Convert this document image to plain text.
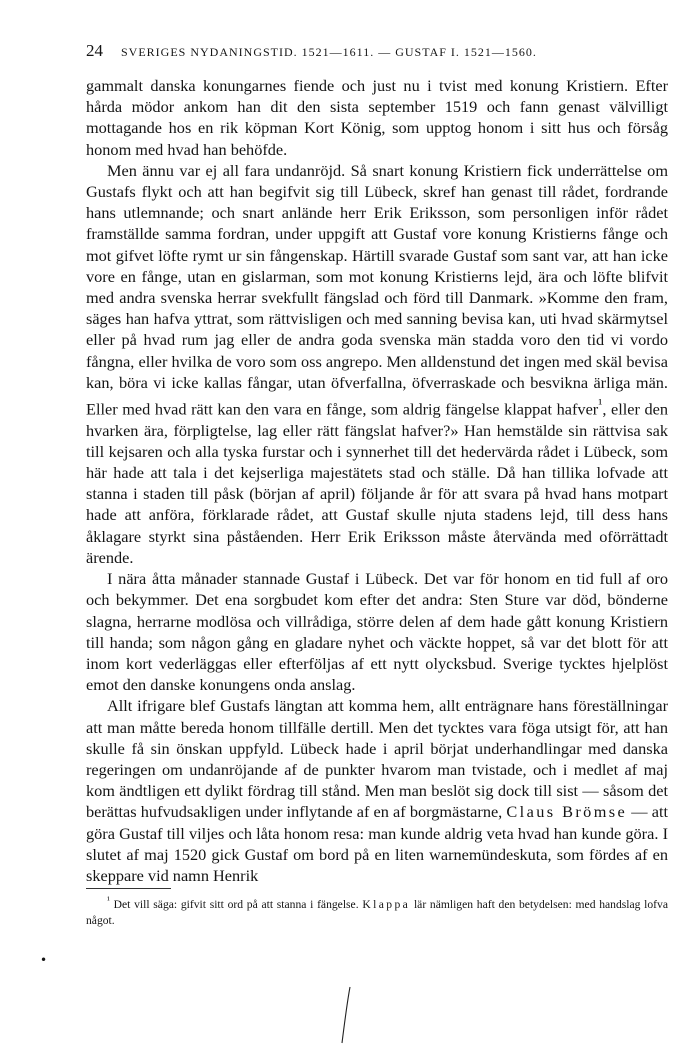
24 SVERIGES NYDANINGSTID. 1521—1611. — GUSTAF I. 1521—1560.

gammalt danska konungarnes fiende och just nu i tvist med konung Kristiern. Efter hårda mödor ankom han dit den sista september 1519 och fann genast välvilligt mottagande hos en rik köpman Kort König, som upptog honom i sitt hus och försåg honom med hvad han behöfde.

Men ännu var ej all fara undanröjd. Så snart konung Kristiern fick underrättelse om Gustafs flykt och att han begifvit sig till Lübeck, skref han genast till rådet, fordrande hans utlemnande; och snart anlände herr Erik Eriksson, som personligen inför rådet framställde samma fordran, under uppgift att Gustaf vore konung Kristierns fånge och mot gifvet löfte rymt ur sin fångenskap. Härtill svarade Gustaf som sant var, att han icke vore en fånge, utan en gislarman, som mot konung Kristierns lejd, ära och löfte blifvit med andra svenska herrar svekfullt fängslad och förd till Danmark. »Komme den fram, säges han hafva yttrat, som rättvisligen och med sanning bevisa kan, uti hvad skärmytsel eller på hvad rum jag eller de andra goda svenska män stadda voro den tid vi vordo fångna, eller hvilka de voro som oss angrepo. Men alldenstund det ingen med skäl bevisa kan, böra vi icke kallas fångar, utan öfverfallna, öfverraskade och besvikna ärliga män. Eller med hvad rätt kan den vara en fånge, som aldrig fängelse klappat hafver$^{^1}$, eller den hvarken ära, förpligtelse, lag eller rätt fängslat hafver?» Han hemstälde sin rättvisa sak till kejsaren och alla tyska furstar och i synnerhet till det hedervärda rådet i Lübeck, som här hade att tala i det kejserliga majestätets stad och ställe. Då han tillika lofvade att stanna i staden till påsk (början af april) följande år för att svara på hvad hans motpart hade att anföra, förklarade rådet, att Gustaf skulle njuta stadens lejd, till dess hans åklagare styrkt sina påståenden. Herr Erik Eriksson måste återvända med oförrättadt ärende.

I nära åtta månader stannade Gustaf i Lübeck. Det var för honom en tid full af oro och bekymmer. Det ena sorgbudet kom efter det andra: Sten Sture var död, bönderne slagna, herrarne modlösa och villrådiga, större delen af dem hade gått konung Kristiern till handa; som någon gång en gladare nyhet och väckte hoppet, så var det blott för att inom kort vederläggas eller efterföljas af ett nytt olycksbud. Sverige tycktes hjelplöst emot den danske konungens onda anslag.

Allt ifrigare blef Gustafs längtan att komma hem, allt enträgnare hans föreställningar att man måtte bereda honom tillfälle dertill. Men det tycktes vara föga utsigt för, att han skulle få sin önskan uppfyld. Lübeck hade i april börjat underhandlingar med danska regeringen om undanröjande af de punkter hvarom man tvistade, och i medlet af maj kom ändtligen ett dylikt fördrag till stånd. Men man beslöt sig dock till sist — såsom det berättas hufvudsakligen under inflytande af en af borgmästarne, Claus Brömse — att göra Gustaf till viljes och låta honom resa: man kunde aldrig veta hvad han kunde göra. I slutet af maj 1520 gick Gustaf om bord på en liten warnemündeskuta, som fördes af en skeppare vid namn Henrik

$^{^1}$ Det vill säga: gifvit sitt ord på att stanna i fängelse. Klappa lär nämligen haft den betydelsen: med handslag lofva något.
•
